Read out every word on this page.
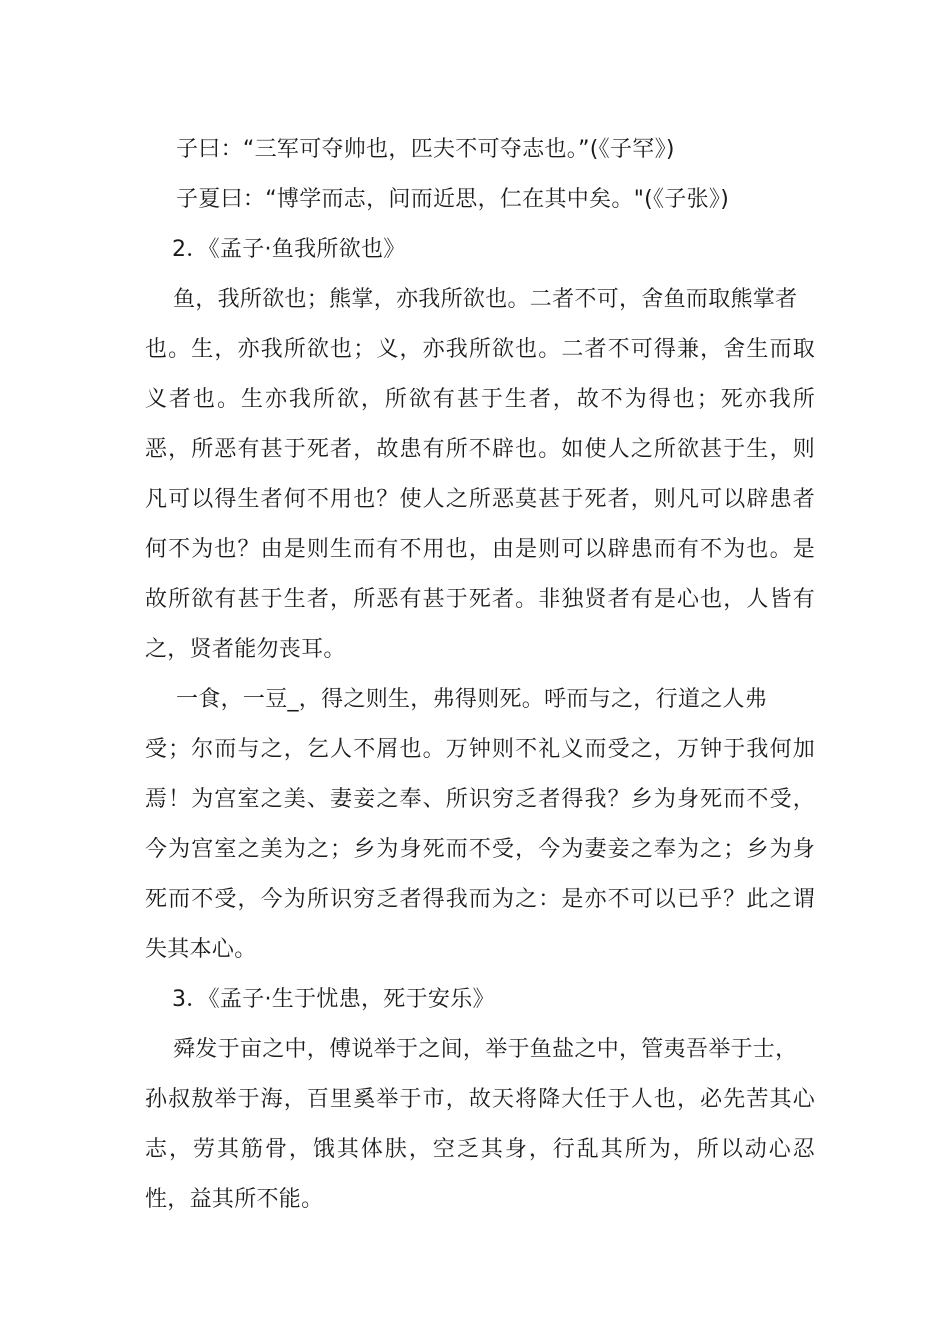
子曰：“三军可夺帅也，匹夫不可夺志也。”(《子罕》)
子夏曰：“博学而志，问而近思，仁在其中矣。"(《子张》)
2．《孟子·鱼我所欲也》
鱼，我所欲也；熊掌，亦我所欲也。二者不可，舍鱼而取熊掌者
也。生，亦我所欲也；义，亦我所欲也。二者不可得兼，舍生而取
义者也。生亦我所欲，所欲有甚于生者，故不为得也；死亦我所
恶，所恶有甚于死者，故患有所不辟也。如使人之所欲甚于生，则
凡可以得生者何不用也？使人之所恶莫甚于死者，则凡可以辟患者
何不为也？由是则生而有不用也，由是则可以辟患而有不为也。是
故所欲有甚于生者，所恶有甚于死者。非独贤者有是心也，人皆有
之，贤者能勿丧耳。
一食，一豆_，得之则生，弗得则死。呼而与之，行道之人弗
受；尔而与之，乞人不屑也。万钟则不礼义而受之，万钟于我何加
焉！为宫室之美、妻妾之奉、所识穷乏者得我？乡为身死而不受，
今为宫室之美为之；乡为身死而不受，今为妻妾之奉为之；乡为身
死而不受，今为所识穷乏者得我而为之：是亦不可以已乎？此之谓
失其本心。
3．《孟子·生于忧患，死于安乐》
舜发于亩之中，傅说举于之间，举于鱼盐之中，管夷吾举于士，
孙叔敖举于海，百里奚举于市，故天将降大任于人也，必先苦其心
志，劳其筋骨，饿其体肤，空乏其身，行乱其所为，所以动心忍
性，益其所不能。
